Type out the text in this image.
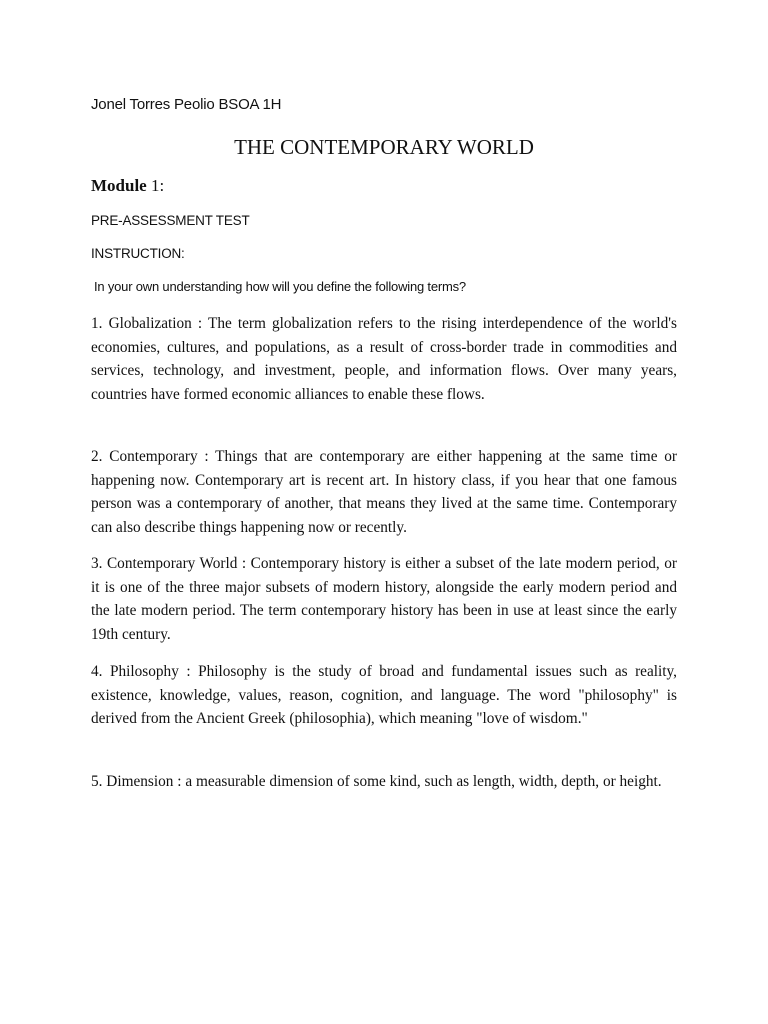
Jonel Torres Peolio BSOA 1H
THE CONTEMPORARY WORLD
Module 1:
PRE-ASSESSMENT TEST
INSTRUCTION:
In your own understanding how will you define the following terms?

1. Globalization : The term globalization refers to the rising interdependence of the world's economies, cultures, and populations, as a result of cross-border trade in commodities and services, technology, and investment, people, and information flows. Over many years, countries have formed economic alliances to enable these flows.

2. Contemporary : Things that are contemporary are either happening at the same time or happening now. Contemporary art is recent art. In history class, if you hear that one famous person was a contemporary of another, that means they lived at the same time. Contemporary can also describe things happening now or recently.

3. Contemporary World : Contemporary history is either a subset of the late modern period, or it is one of the three major subsets of modern history, alongside the early modern period and the late modern period. The term contemporary history has been in use at least since the early 19th century.

4. Philosophy : Philosophy is the study of broad and fundamental issues such as reality, existence, knowledge, values, reason, cognition, and language. The word "philosophy" is derived from the Ancient Greek (philosophia), which meaning "love of wisdom."

5. Dimension : a measurable dimension of some kind, such as length, width, depth, or height.
